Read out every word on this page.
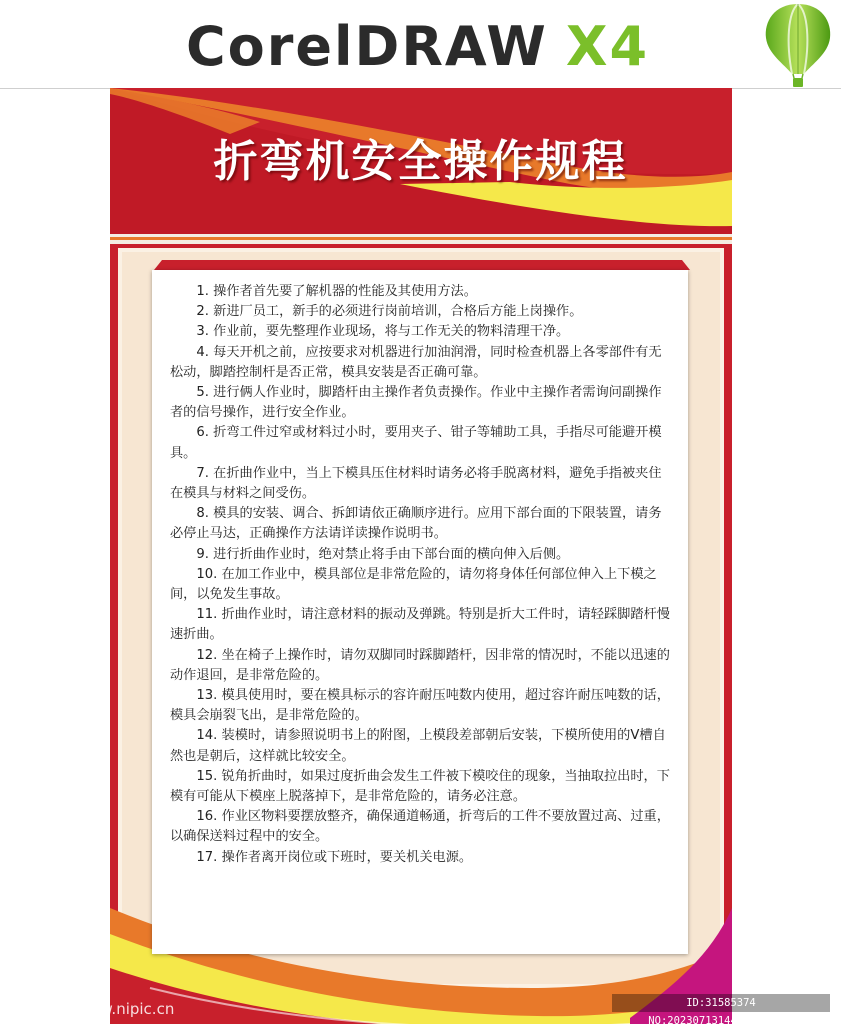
CorelDRAW X4
折弯机安全操作规程
1. 操作者首先要了解机器的性能及其使用方法。
2. 新进厂员工，新手的必须进行岗前培训，合格后方能上岗操作。
3. 作业前，要先整理作业现场，将与工作无关的物料清理干净。
4. 每天开机之前，应按要求对机器进行加油润滑，同时检查机器上各零部件有无松动，脚踏控制杆是否正常，模具安装是否正确可靠。
5. 进行俩人作业时，脚踏杆由主操作者负责操作。作业中主操作者需询问副操作者的信号操作，进行安全作业。
6. 折弯工件过窄或材料过小时，要用夹子、钳子等辅助工具，手指尽可能避开模具。
7. 在折曲作业中，当上下模具压住材料时请务必将手脱离材料，避免手指被夹住在模具与材料之间受伤。
8. 模具的安装、调合、拆卸请依正确顺序进行。应用下部台面的下限装置，请务必停止马达，正确操作方法请详读操作说明书。
9. 进行折曲作业时，绝对禁止将手由下部台面的横向伸入后侧。
10. 在加工作业中，模具部位是非常危险的，请勿将身体任何部位伸入上下模之间，以免发生事故。
11. 折曲作业时，请注意材料的振动及弹跳。特别是折大工件时，请轻踩脚踏杆慢速折曲。
12. 坐在椅子上操作时，请勿双脚同时踩脚踏杆，因非常的情况时，不能以迅速的动作退回，是非常危险的。
13. 模具使用时，要在模具标示的容许耐压吨数内使用，超过容许耐压吨数的话，模具会崩裂飞出，是非常危险的。
14. 装模时，请参照说明书上的附图，上模段差部朝后安装，下模所使用的V槽自然也是朝后，这样就比较安全。
15. 锐角折曲时，如果过度折曲会发生工件被下模咬住的现象，当抽取拉出时，下模有可能从下模座上脱落掉下，是非常危险的，请务必注意。
16. 作业区物料要摆放整齐，确保通道畅通，折弯后的工件不要放置过高、过重，以确保送料过程中的安全。
17. 操作者离开岗位或下班时，要关机关电源。
昵享网 www.nipic.cn	ID:31585374 NO:20230713144433056100
